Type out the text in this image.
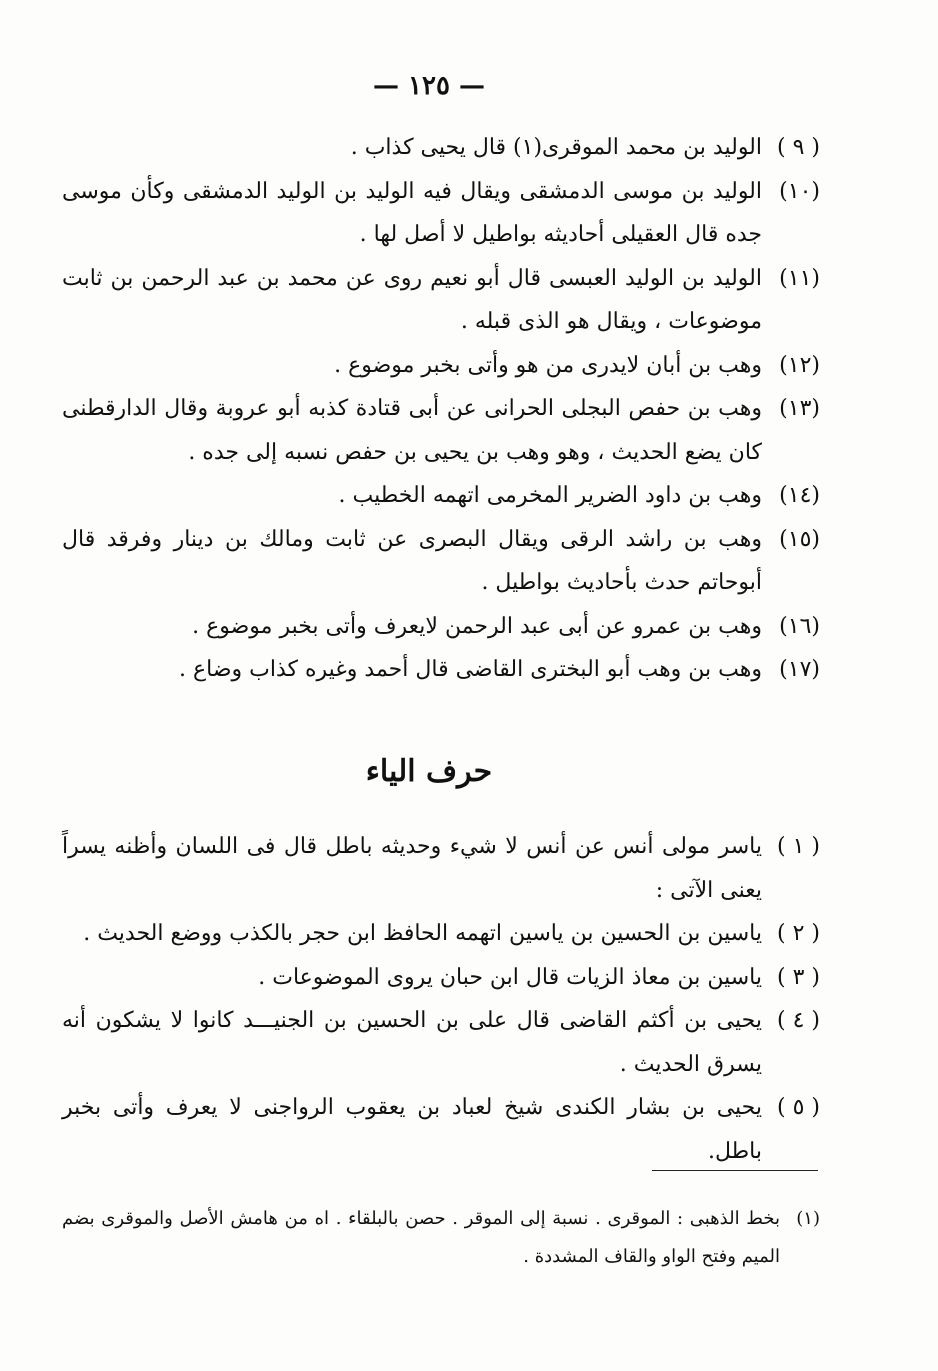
— ١٢٥ —
( ٩ )
الوليد بن محمد الموقرى(١) قال يحيى كذاب .
(١٠)
الوليد بن موسى الدمشقى ويقال فيه الوليد بن الوليد الدمشقى وكأن موسى جده قال العقيلى أحاديثه بواطيل لا أصل لها .
(١١)
الوليد بن الوليد العبسى قال أبو نعيم روى عن محمد بن عبد الرحمن بن ثابت موضوعات ، ويقال هو الذى قبله .
(١٢)
وهب بن أبان لايدرى من هو وأتى بخبر موضوع .
(١٣)
وهب بن حفص البجلى الحرانى عن أبى قتادة كذبه أبو عروبة وقال الدارقطنى كان يضع الحديث ، وهو وهب بن يحيى بن حفص نسبه إلى جده .
(١٤)
وهب بن داود الضرير المخرمى اتهمه الخطيب .
(١٥)
وهب بن راشد الرقى ويقال البصرى عن ثابت ومالك بن دينار وفرقد قال أبوحاتم حدث بأحاديث بواطيل .
(١٦)
وهب بن عمرو عن أبى عبد الرحمن لايعرف وأتى بخبر موضوع .
(١٧)
وهب بن وهب أبو البخترى القاضى قال أحمد وغيره كذاب وضاع .
حرف الياء
( ١ )
ياسر مولى أنس عن أنس لا شيء وحديثه باطل قال فى اللسان وأظنه يسراً يعنى الآتى :
( ٢ )
ياسين بن الحسين بن ياسين اتهمه الحافظ ابن حجر بالكذب ووضع الحديث .
( ٣ )
ياسين بن معاذ الزيات قال ابن حبان يروى الموضوعات .
( ٤ )
يحيى بن أكثم القاضى قال على بن الحسين بن الجنيـــد كانوا لا يشكون أنه يسرق الحديث .
( ٥ )
يحيى بن بشار الكندى شيخ لعباد بن يعقوب الرواجنى لا يعرف وأتى بخبر باطل.
(١)
بخط الذهبى : الموقرى . نسبة إلى الموقر . حصن بالبلقاء . اه من هامش الأصل والموقرى بضم الميم وفتح الواو والقاف المشددة .
